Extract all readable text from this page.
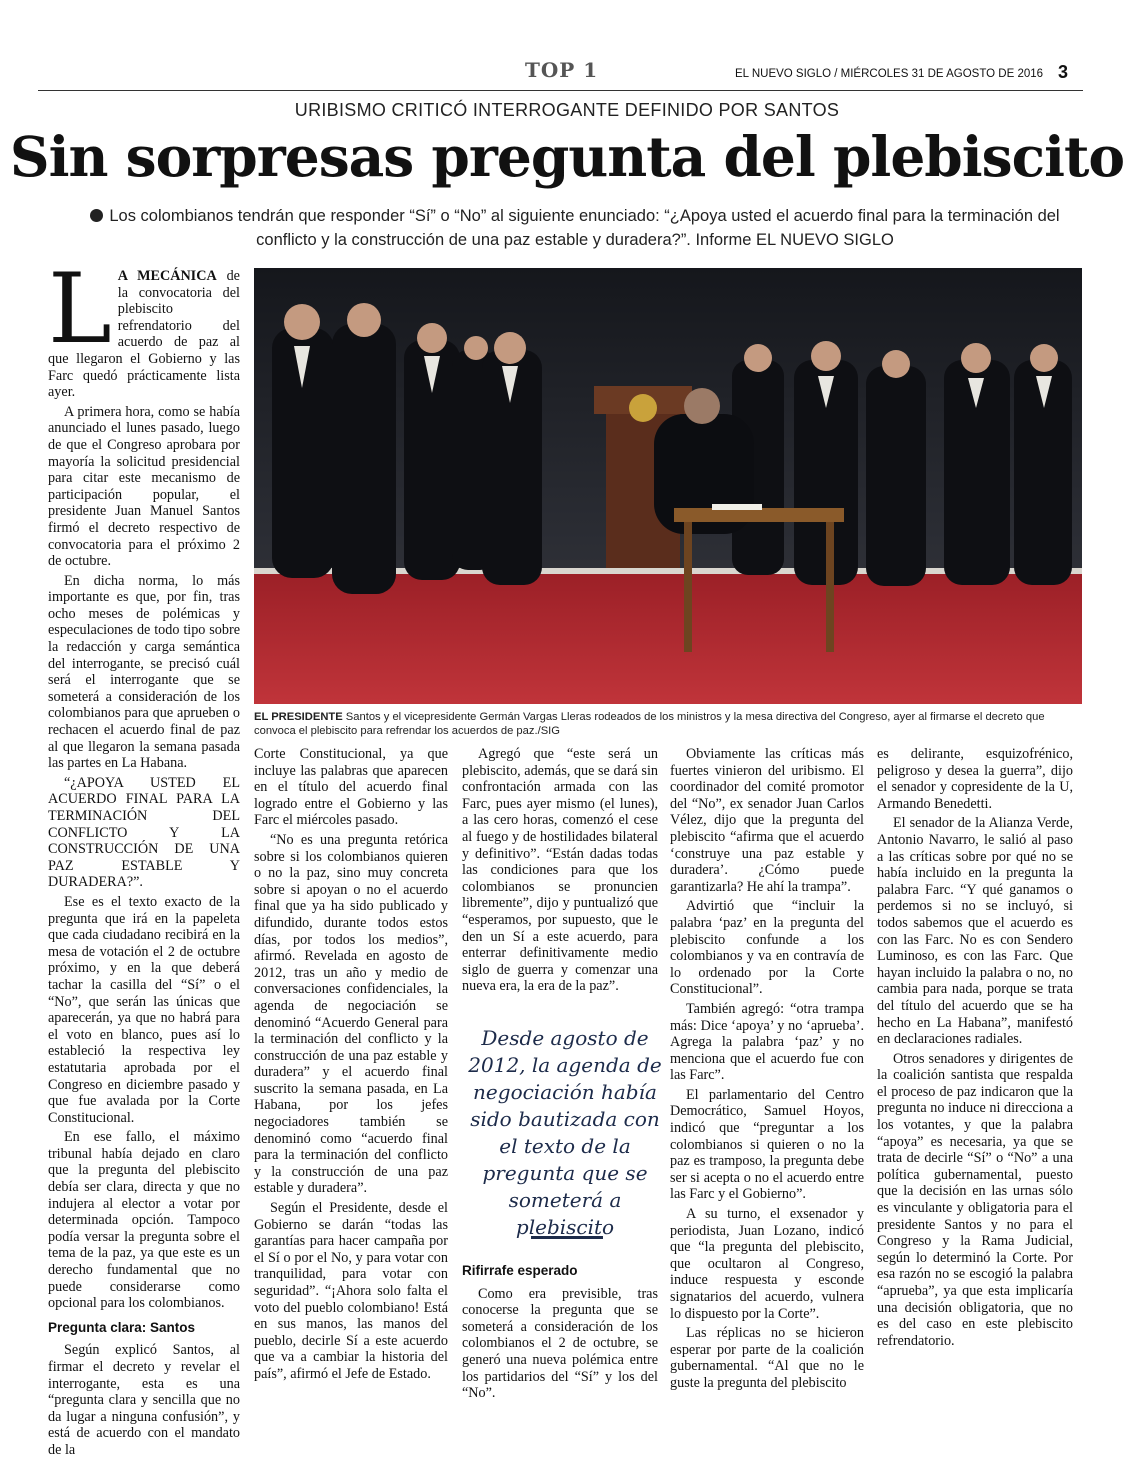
TOP 1	EL NUEVO SIGLO / MIÉRCOLES 31 DE AGOSTO DE 2016 3
URIBISMO CRITICÓ INTERROGANTE DEFINIDO POR SANTOS
Sin sorpresas pregunta del plebiscito
Los colombianos tendrán que responder “Sí” o “No” al siguiente enunciado: “¿Apoya usted el acuerdo final para la terminación del conflicto y la construcción de una paz estable y duradera?”. Informe EL NUEVO SIGLO

L A MECÁNICA de la convocatoria del plebiscito refrendatorio del acuerdo de paz al que llegaron el Gobierno y las Farc quedó prácticamente lista ayer.

A primera hora, como se había anunciado el lunes pasado, luego de que el Congreso aprobara por mayoría la solicitud presidencial para citar este mecanismo de participación popular, el presidente Juan Manuel Santos firmó el decreto respectivo de convocatoria para el próximo 2 de octubre.

En dicha norma, lo más importante es que, por fin, tras ocho meses de polémicas y especulaciones de todo tipo sobre la redacción y carga semántica del interrogante, se precisó cuál será el interrogante que se someterá a consideración de los colombianos para que aprueben o rechacen el acuerdo final de paz al que llegaron la semana pasada las partes en La Habana.

“¿APOYA USTED EL ACUERDO FINAL PARA LA TERMINACIÓN DEL CONFLICTO Y LA CONSTRUCCIÓN DE UNA PAZ ESTABLE Y DURADERA?”.

Ese es el texto exacto de la pregunta que irá en la papeleta que cada ciudadano recibirá en la mesa de votación el 2 de octubre próximo, y en la que deberá tachar la casilla del “Sí” o el “No”, que serán las únicas que aparecerán, ya que no habrá para el voto en blanco, pues así lo estableció la respectiva ley estatutaria aprobada por el Congreso en diciembre pasado y que fue avalada por la Corte Constitucional.

En ese fallo, el máximo tribunal había dejado en claro que la pregunta del plebiscito debía ser clara, directa y que no indujera al elector a votar por determinada opción. Tampoco podía versar la pregunta sobre el tema de la paz, ya que este es un derecho fundamental que no puede considerarse como opcional para los colombianos.

Pregunta clara: Santos

Según explicó Santos, al firmar el decreto y revelar el interrogante, esta es una “pregunta clara y sencilla que no da lugar a ninguna confusión”, y está de acuerdo con el mandato de la

EL PRESIDENTE Santos y el vicepresidente Germán Vargas Lleras rodeados de los ministros y la mesa directiva del Congreso, ayer al firmarse el decreto que convoca el plebiscito para refrendar los acuerdos de paz./SIG

Corte Constitucional, ya que incluye las palabras que aparecen en el título del acuerdo final logrado entre el Gobierno y las Farc el miércoles pasado.

“No es una pregunta retórica sobre si los colombianos quieren o no la paz, sino muy concreta sobre si apoyan o no el acuerdo final que ya ha sido publicado y difundido, durante todos estos días, por todos los medios”, afirmó. Revelada en agosto de 2012, tras un año y medio de conversaciones confidenciales, la agenda de negociación se denominó “Acuerdo General para la terminación del conflicto y la construcción de una paz estable y duradera” y el acuerdo final suscrito la semana pasada, en La Habana, por los jefes negociadores también se denominó como “acuerdo final para la terminación del conflicto y la construcción de una paz estable y duradera”.

Según el Presidente, desde el Gobierno se darán “todas las garantías para hacer campaña por el Sí o por el No, y para votar con tranquilidad, para votar con seguridad”. “¡Ahora solo falta el voto del pueblo colombiano! Está en sus manos, las manos del pueblo, decirle Sí a este acuerdo que va a cambiar la historia del país”, afirmó el Jefe de Estado.

Agregó que “este será un plebiscito, además, que se dará sin confrontación armada con las Farc, pues ayer mismo (el lunes), a las cero horas, comenzó el cese al fuego y de hostilidades bilateral y definitivo”. “Están dadas todas las condiciones para que los colombianos se pronuncien libremente”, dijo y puntualizó que “esperamos, por supuesto, que le den un Sí a este acuerdo, para enterrar definitivamente medio siglo de guerra y comenzar una nueva era, la era de la paz”.

Desde agosto de 2012, la agenda de negociación había sido bautizada con el texto de la pregunta que se someterá a plebiscito
Rifirrafe esperado

Como era previsible, tras conocerse la pregunta que se someterá a consideración de los colombianos el 2 de octubre, se generó una nueva polémica entre los partidarios del “Sí” y los del “No”.

Obviamente las críticas más fuertes vinieron del uribismo. El coordinador del comité promotor del “No”, ex senador Juan Carlos Vélez, dijo que la pregunta del plebiscito “afirma que el acuerdo ‘construye una paz estable y duradera’. ¿Cómo puede garantizarla? He ahí la trampa”.

Advirtió que “incluir la palabra ‘paz’ en la pregunta del plebiscito confunde a los colombianos y va en contravía de lo ordenado por la Corte Constitucional”.

También agregó: “otra trampa más: Dice ‘apoya’ y no ‘aprueba’. Agrega la palabra ‘paz’ y no menciona que el acuerdo fue con las Farc”.

El parlamentario del Centro Democrático, Samuel Hoyos, indicó que “preguntar a los colombianos si quieren o no la paz es tramposo, la pregunta debe ser si acepta o no el acuerdo entre las Farc y el Gobierno”.

A su turno, el exsenador y periodista, Juan Lozano, indicó que “la pregunta del plebiscito, que ocultaron al Congreso, induce respuesta y esconde signatarios del acuerdo, vulnera lo dispuesto por la Corte”.

Las réplicas no se hicieron esperar por parte de la coalición gubernamental. “Al que no le guste la pregunta del plebiscito

es delirante, esquizofrénico, peligroso y desea la guerra”, dijo el senador y copresidente de la U, Armando Benedetti.

El senador de la Alianza Verde, Antonio Navarro, le salió al paso a las críticas sobre por qué no se había incluido en la pregunta la palabra Farc. “Y qué ganamos o perdemos si no se incluyó, si todos sabemos que el acuerdo es con las Farc. No es con Sendero Luminoso, es con las Farc. Que hayan incluido la palabra o no, no cambia para nada, porque se trata del título del acuerdo que se ha hecho en La Habana”, manifestó en declaraciones radiales.

Otros senadores y dirigentes de la coalición santista que respalda el proceso de paz indicaron que la pregunta no induce ni direcciona a los votantes, y que la palabra “apoya” es necesaria, ya que se trata de decirle “Sí” o “No” a una política gubernamental, puesto que la decisión en las urnas sólo es vinculante y obligatoria para el presidente Santos y no para el Congreso y la Rama Judicial, según lo determinó la Corte. Por esa razón no se escogió la palabra “aprueba”, ya que esta implicaría una decisión obligatoria, que no es del caso en este plebiscito refrendatorio.
